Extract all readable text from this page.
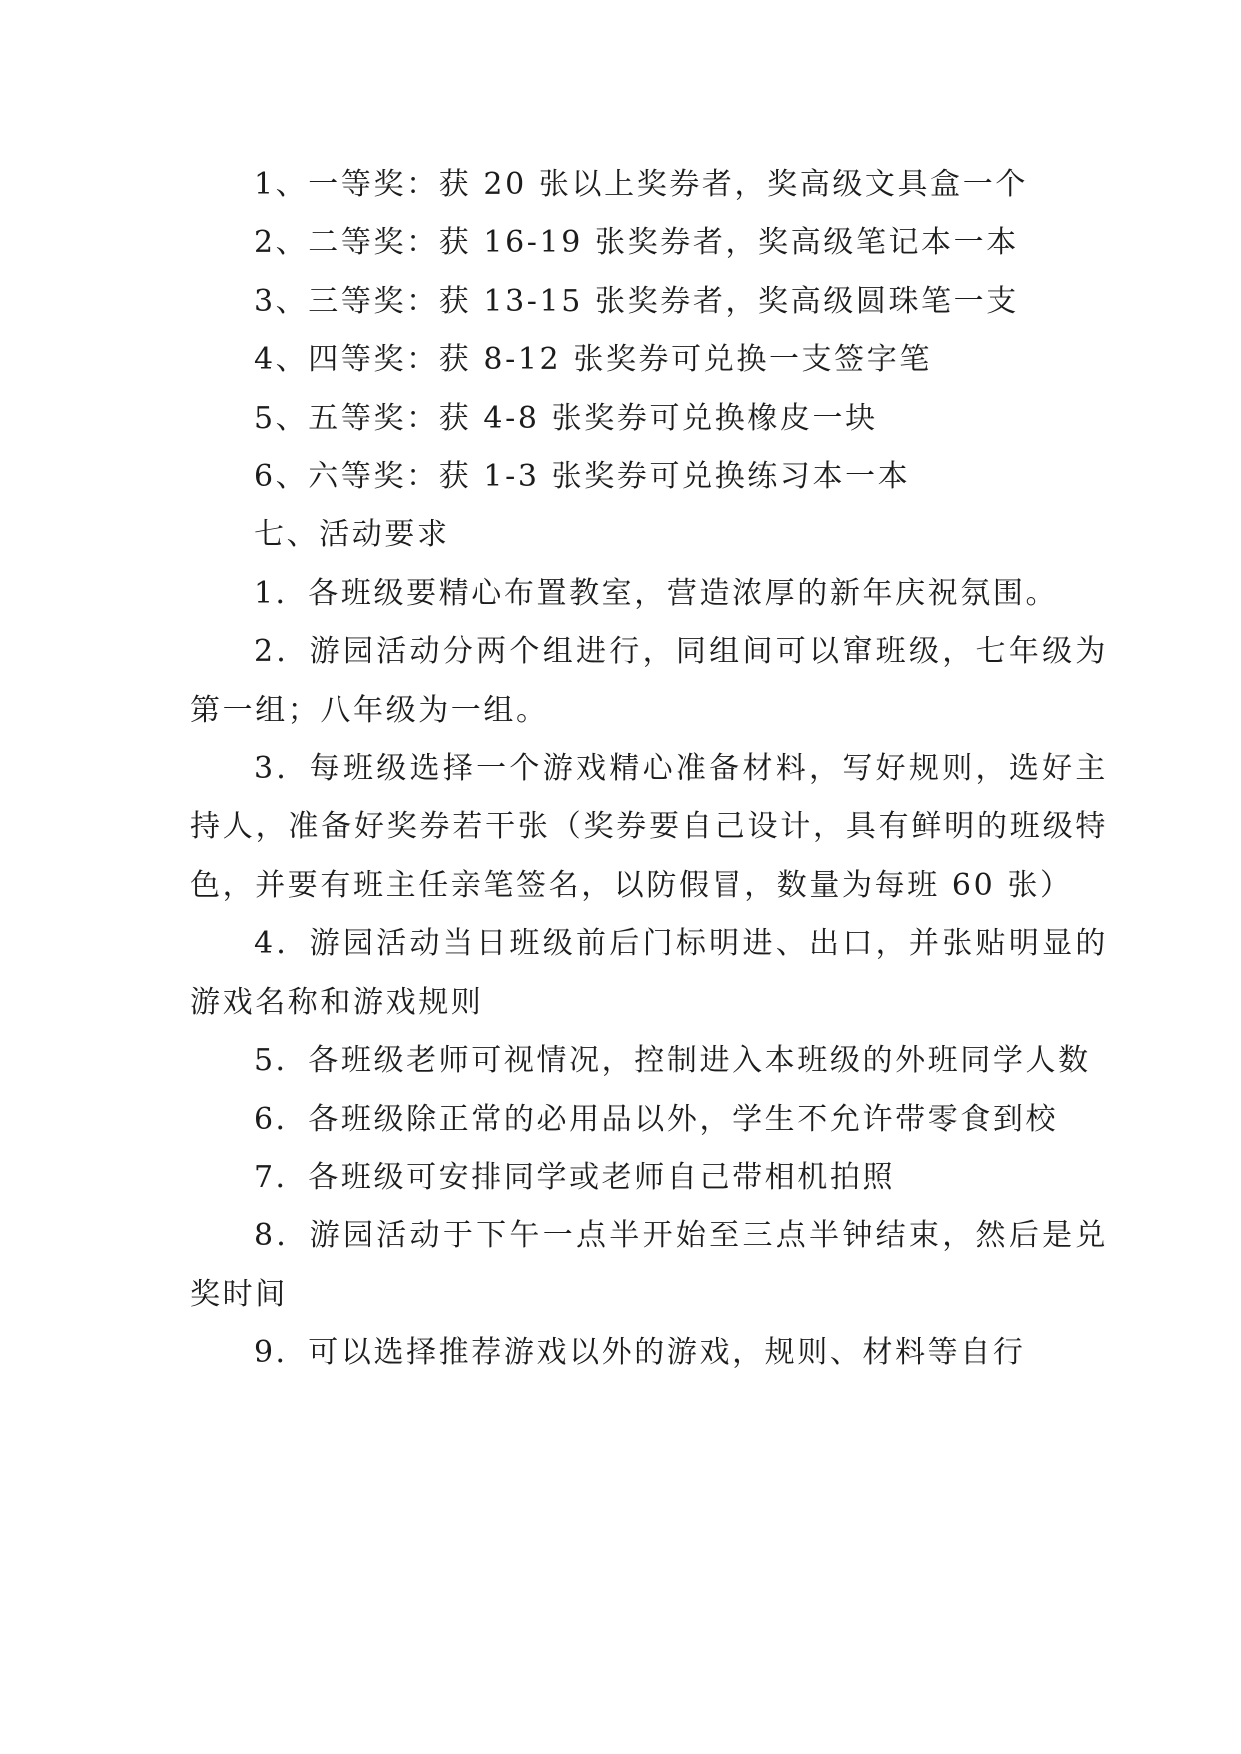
1、一等奖：获 20 张以上奖券者，奖高级文具盒一个

2、二等奖：获 16-19 张奖券者，奖高级笔记本一本

3、三等奖：获 13-15 张奖券者，奖高级圆珠笔一支

4、四等奖：获 8-12 张奖券可兑换一支签字笔

5、五等奖：获 4-8 张奖券可兑换橡皮一块

6、六等奖：获 1-3 张奖券可兑换练习本一本

七、活动要求

1．各班级要精心布置教室，营造浓厚的新年庆祝氛围。

2．游园活动分两个组进行，同组间可以窜班级，七年级为第一组；八年级为一组。

3．每班级选择一个游戏精心准备材料，写好规则，选好主持人，准备好奖券若干张（奖券要自己设计，具有鲜明的班级特色，并要有班主任亲笔签名，以防假冒，数量为每班 60 张）

4．游园活动当日班级前后门标明进、出口，并张贴明显的游戏名称和游戏规则

5．各班级老师可视情况，控制进入本班级的外班同学人数

6．各班级除正常的必用品以外，学生不允许带零食到校

7．各班级可安排同学或老师自己带相机拍照

8．游园活动于下午一点半开始至三点半钟结束，然后是兑奖时间

9．可以选择推荐游戏以外的游戏，规则、材料等自行
